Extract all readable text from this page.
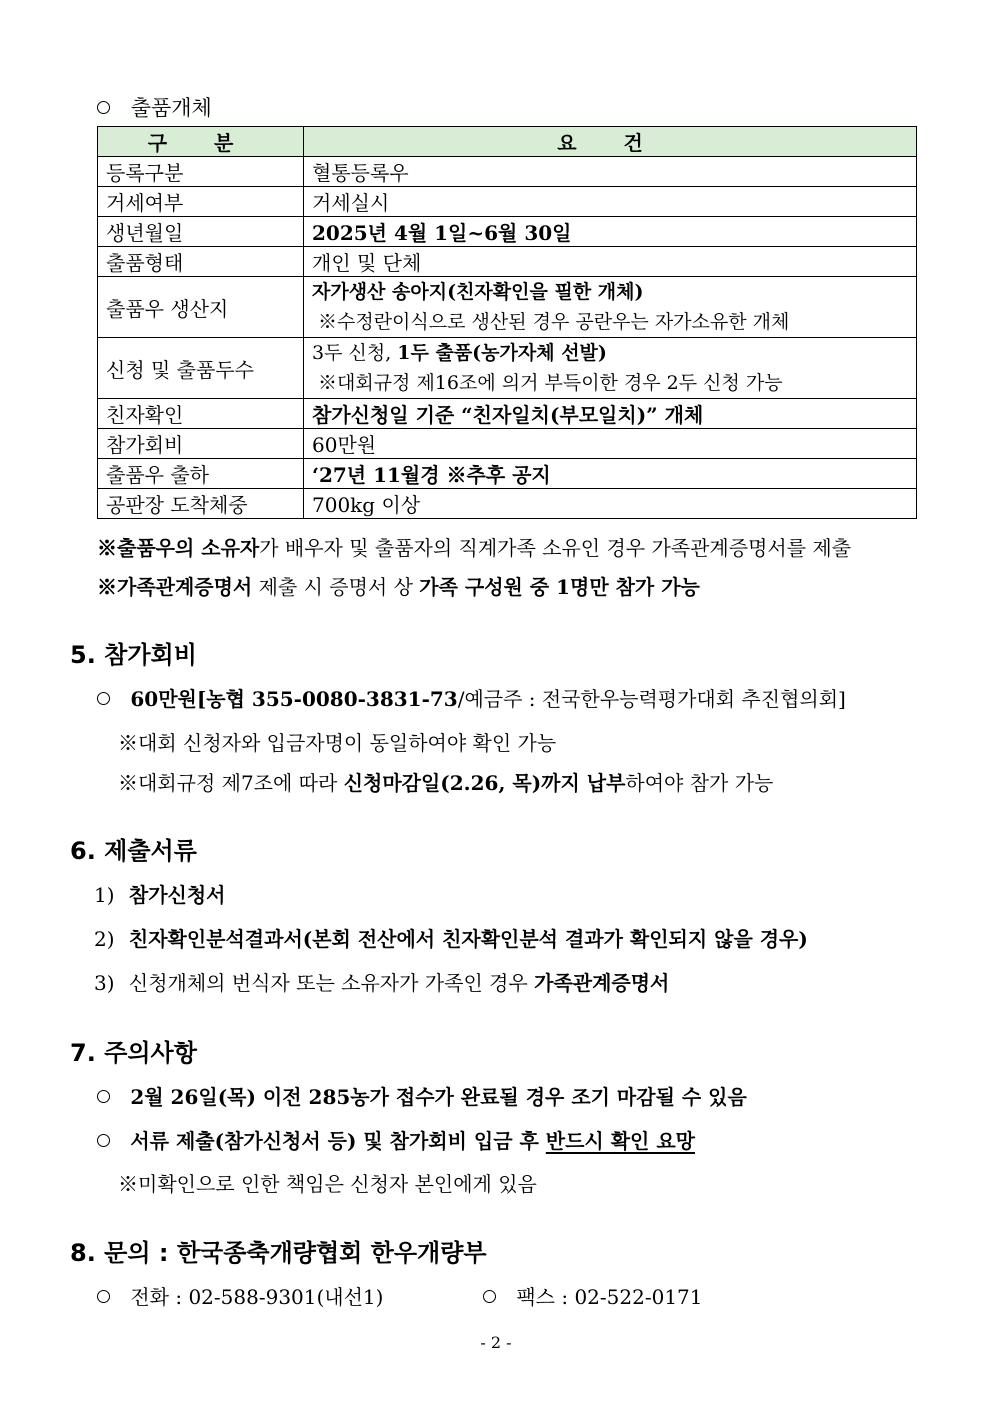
출품개체
구 분	요 건
등록구분	혈통등록우
거세여부	거세실시
생년월일	2025년 4월 1일~6월 30일
출품형태	개인 및 단체
출품우 생산지	자가생산 송아지(친자확인을 필한 개체)
※수정란이식으로 생산된 경우 공란우는 자가소유한 개체

신청 및 출품두수	3두 신청, 1두 출품(농가자체 선발)
※대회규정 제16조에 의거 부득이한 경우 2두 신청 가능

친자확인	참가신청일 기준 “친자일치(부모일치)” 개체
참가회비	60만원
출품우 출하	‘27년 11월경 ※추후 공지
공판장 도착체중	700kg 이상
※출품우의 소유자가 배우자 및 출품자의 직계가족 소유인 경우 가족관계증명서를 제출
※가족관계증명서 제출 시 증명서 상 가족 구성원 중 1명만 참가 가능
5. 참가회비
60만원[농협 355-0080-3831-73/예금주 : 전국한우능력평가대회 추진협의회]
※대회 신청자와 입금자명이 동일하여야 확인 가능
※대회규정 제7조에 따라 신청마감일(2.26, 목)까지 납부하여야 참가 가능
6. 제출서류
1) 참가신청서
2) 친자확인분석결과서(본회 전산에서 친자확인분석 결과가 확인되지 않을 경우)
3) 신청개체의 번식자 또는 소유자가 가족인 경우 가족관계증명서
7. 주의사항
2월 26일(목) 이전 285농가 접수가 완료될 경우 조기 마감될 수 있음
서류 제출(참가신청서 등) 및 참가회비 입금 후 반드시 확인 요망
※미확인으로 인한 책임은 신청자 본인에게 있음
8. 문의 : 한국종축개량협회 한우개량부
전화 : 02-588-9301(내선1)	팩스 : 02-522-0171
- 2 -
